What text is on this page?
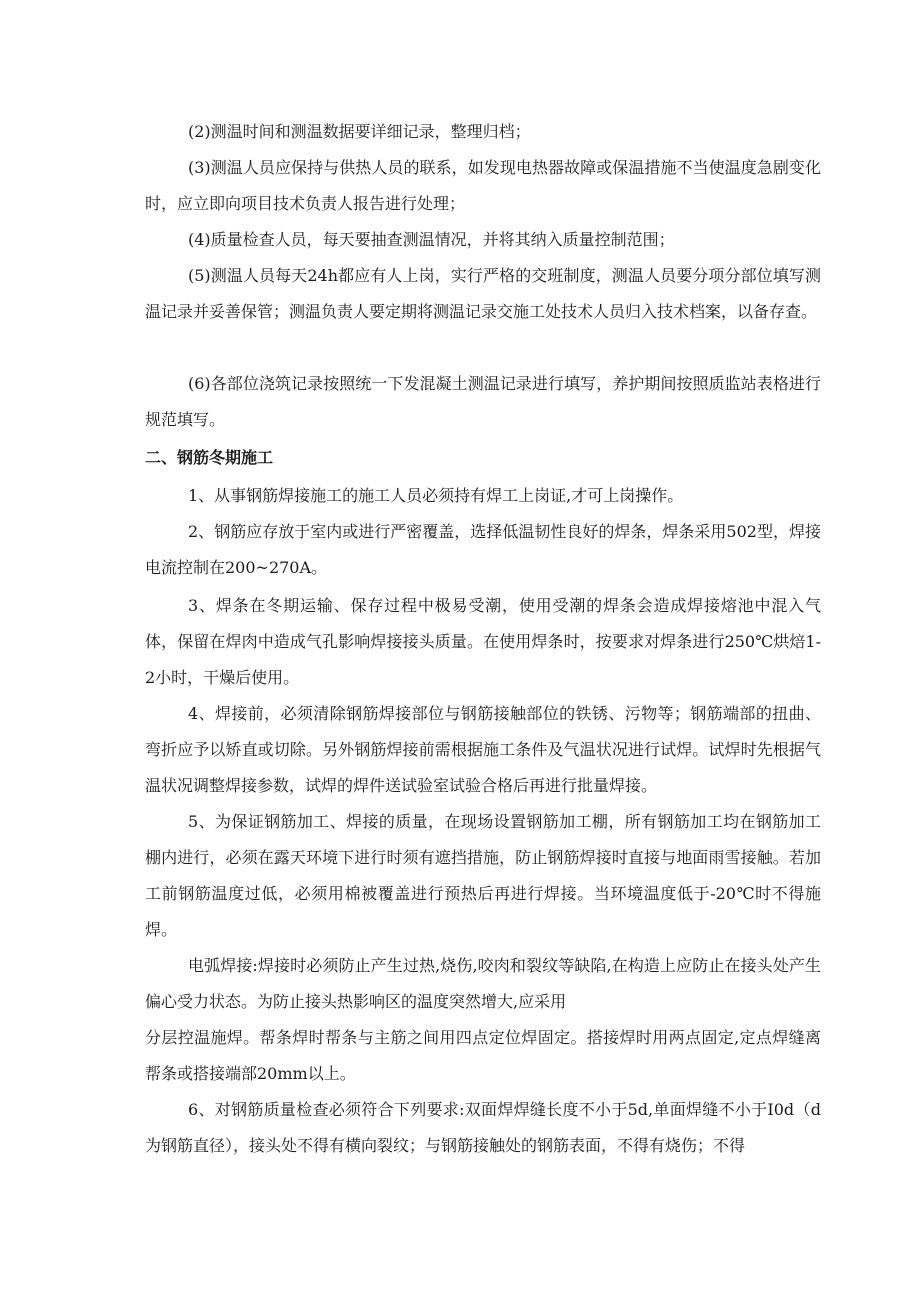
(2)测温时间和测温数据要详细记录，整理归档；

(3)测温人员应保持与供热人员的联系，如发现电热器故障或保温措施不当使温度急剧变化时，应立即向项目技术负责人报告进行处理；

(4)质量检查人员，每天要抽查测温情况，并将其纳入质量控制范围；

(5)测温人员每天24h都应有人上岗，实行严格的交班制度，测温人员要分项分部位填写测温记录并妥善保管；测温负责人要定期将测温记录交施工处技术人员归入技术档案，以备存查。

(6)各部位浇筑记录按照统一下发混凝土测温记录进行填写，养护期间按照质监站表格进行规范填写。

二、钢筋冬期施工

1、从事钢筋焊接施工的施工人员必须持有焊工上岗证,才可上岗操作。

2、钢筋应存放于室内或进行严密覆盖，选择低温韧性良好的焊条，焊条采用502型，焊接电流控制在200~270A。

3、焊条在冬期运输、保存过程中极易受潮，使用受潮的焊条会造成焊接熔池中混入气体，保留在焊肉中造成气孔影响焊接接头质量。在使用焊条时，按要求对焊条进行250℃烘焙1-2小时，干燥后使用。

4、焊接前，必须清除钢筋焊接部位与钢筋接触部位的铁锈、污物等；钢筋端部的扭曲、弯折应予以矫直或切除。另外钢筋焊接前需根据施工条件及气温状况进行试焊。试焊时先根据气温状况调整焊接参数，试焊的焊件送试验室试验合格后再进行批量焊接。

5、为保证钢筋加工、焊接的质量，在现场设置钢筋加工棚，所有钢筋加工均在钢筋加工棚内进行，必须在露天环境下进行时须有遮挡措施，防止钢筋焊接时直接与地面雨雪接触。若加工前钢筋温度过低，必须用棉被覆盖进行预热后再进行焊接。当环境温度低于-20℃时不得施焊。

电弧焊接:焊接时必须防止产生过热,烧伤,咬肉和裂纹等缺陷,在构造上应防止在接头处产生偏心受力状态。为防止接头热影响区的温度突然增大,应采用

分层控温施焊。帮条焊时帮条与主筋之间用四点定位焊固定。搭接焊时用两点固定,定点焊缝离帮条或搭接端部20mm以上。

6、对钢筋质量检查必须符合下列要求:双面焊焊缝长度不小于5d,单面焊缝不小于I0d（d为钢筋直径），接头处不得有横向裂纹；与钢筋接触处的钢筋表面，不得有烧伤；不得
